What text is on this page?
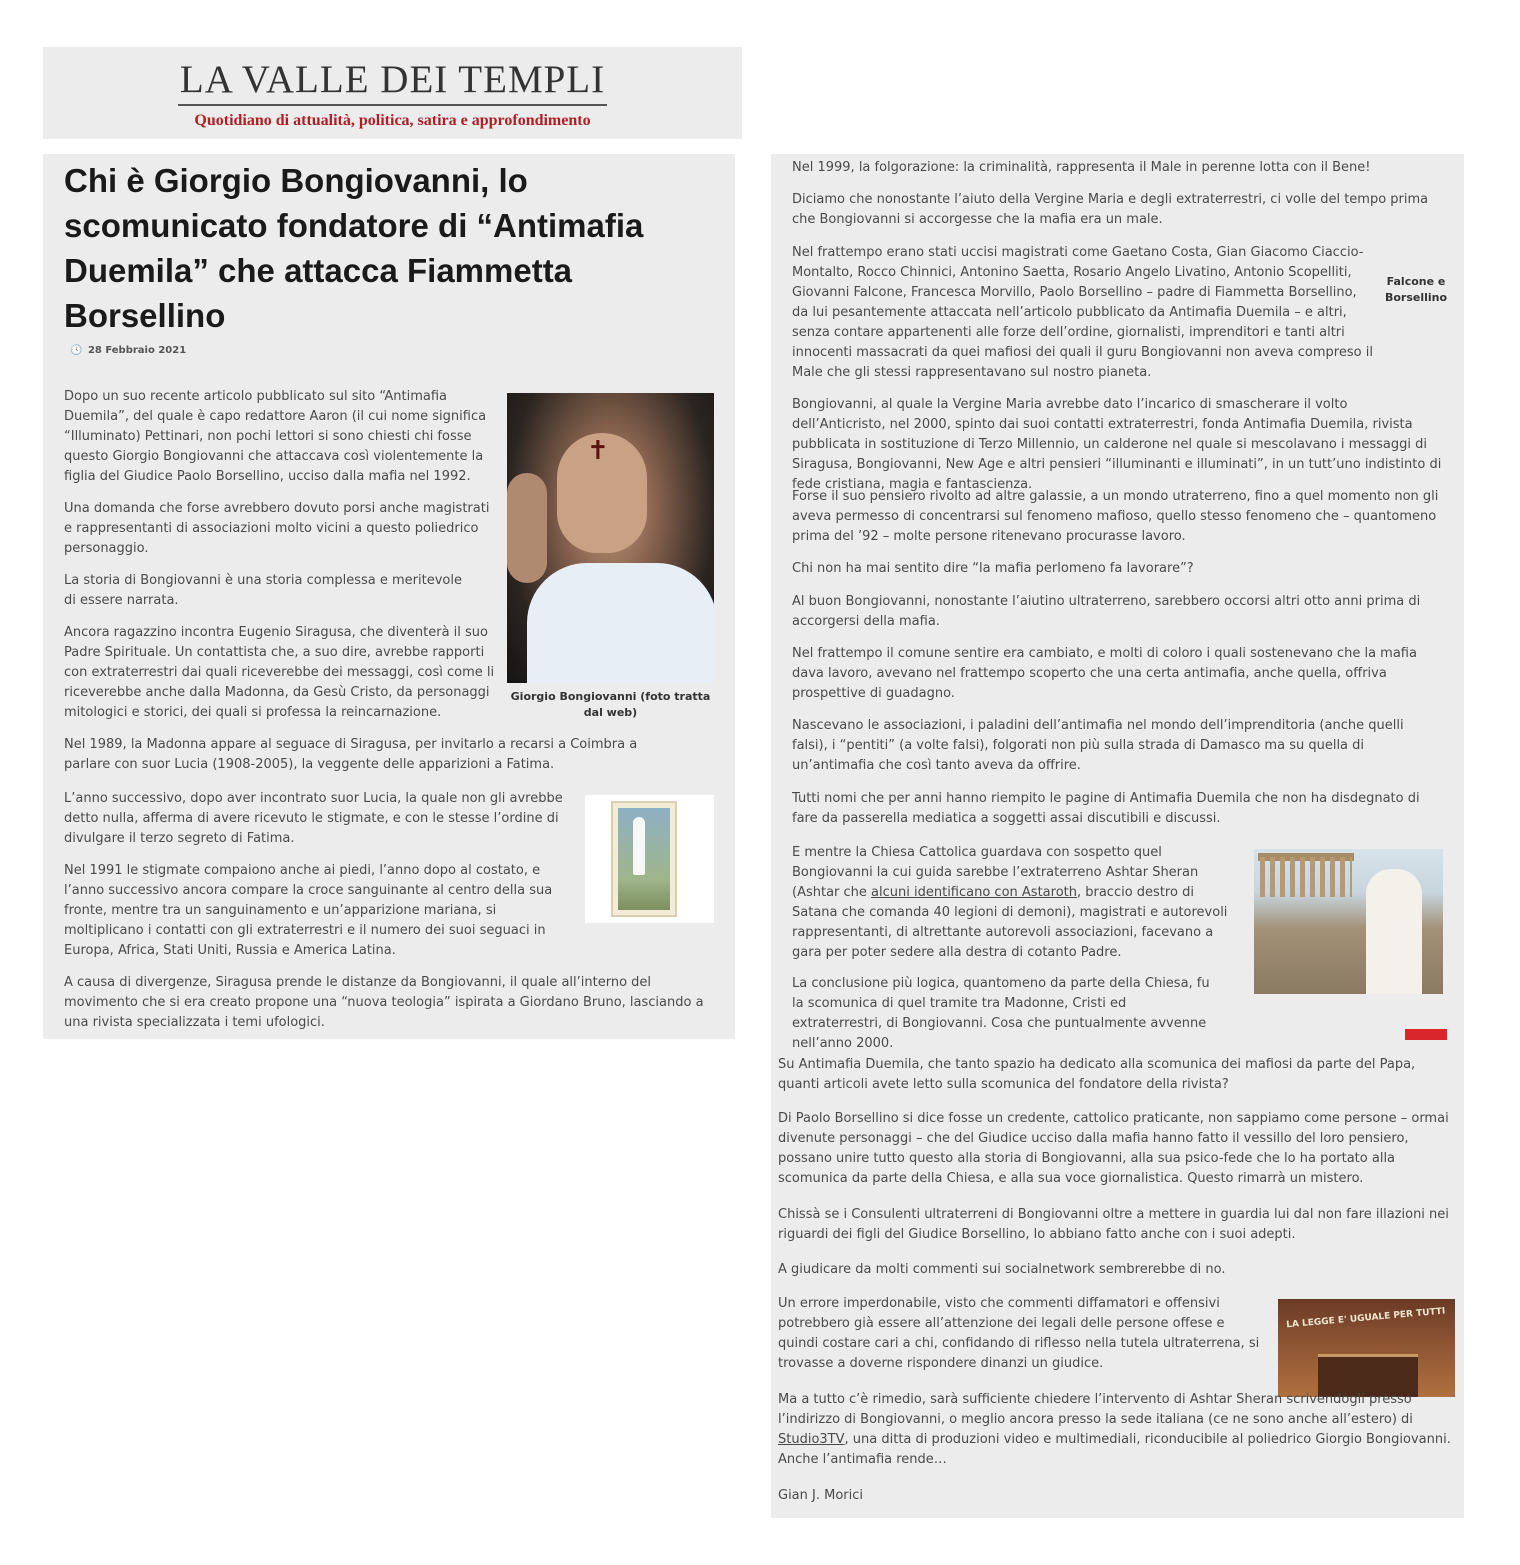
LA VALLE DEI TEMPLI
Quotidiano di attualità, politica, satira e approfondimento
Chi è Giorgio Bongiovanni, lo scomunicato fondatore di “Antimafia Duemila” che attacca Fiammetta Borsellino
🕓 28 Febbraio 2021

Dopo un suo recente articolo pubblicato sul sito “Antimafia Duemila”, del quale è capo redattore Aaron (il cui nome significa “Illuminato) Pettinari, non pochi lettori si sono chiesti chi fosse questo Giorgio Bongiovanni che attaccava così violentemente la figlia del Giudice Paolo Borsellino, ucciso dalla mafia nel 1992.

Una domanda che forse avrebbero dovuto porsi anche magistrati e rappresentanti di associazioni molto vicini a questo poliedrico personaggio.

La storia di Bongiovanni è una storia complessa e meritevole di essere narrata.

Ancora ragazzino incontra Eugenio Siragusa, che diventerà il suo Padre Spirituale. Un contattista che, a suo dire, avrebbe rapporti con extraterrestri dai quali riceverebbe dei messaggi, così come li riceverebbe anche dalla Madonna, da Gesù Cristo, da personaggi mitologici e storici, dei quali si professa la reincarnazione.

Nel 1989, la Madonna appare al seguace di Siragusa, per invitarlo a recarsi a Coimbra a parlare con suor Lucia (1908-2005), la veggente delle apparizioni a Fatima.

L’anno successivo, dopo aver incontrato suor Lucia, la quale non gli avrebbe detto nulla, afferma di avere ricevuto le stigmate, e con le stesse l’ordine di divulgare il terzo segreto di Fatima.

Nel 1991 le stigmate compaiono anche ai piedi, l’anno dopo al costato, e l’anno successivo ancora compare la croce sanguinante al centro della sua fronte, mentre tra un sanguinamento e un’apparizione mariana, si moltiplicano i contatti con gli extraterrestri e il numero dei suoi seguaci in Europa, Africa, Stati Uniti, Russia e America Latina.

A causa di divergenze, Siragusa prende le distanze da Bongiovanni, il quale all’interno del movimento che si era creato propone una “nuova teologia” ispirata a Giordano Bruno, lasciando a una rivista specializzata i temi ufologici.

✝
Giorgio Bongiovanni (foto tratta dal web)

Nel 1999, la folgorazione: la criminalità, rappresenta il Male in perenne lotta con il Bene!

Diciamo che nonostante l’aiuto della Vergine Maria e degli extraterrestri, ci volle del tempo prima che Bongiovanni si accorgesse che la mafia era un male.

Nel frattempo erano stati uccisi magistrati come Gaetano Costa, Gian Giacomo Ciaccio-Montalto, Rocco Chinnici, Antonino Saetta, Rosario Angelo Livatino, Antonio Scopelliti, Giovanni Falcone, Francesca Morvillo, Paolo Borsellino – padre di Fiammetta Borsellino, da lui pesantemente attaccata nell’articolo pubblicato da Antimafia Duemila – e altri, senza contare appartenenti alle forze dell’ordine, giornalisti, imprenditori e tanti altri innocenti massacrati da quei mafiosi dei quali il guru Bongiovanni non aveva compreso il Male che gli stessi rappresentavano sul nostro pianeta.

Falcone e Borsellino

Bongiovanni, al quale la Vergine Maria avrebbe dato l’incarico di smascherare il volto dell’Anticristo, nel 2000, spinto dai suoi contatti extraterrestri, fonda Antimafia Duemila, rivista pubblicata in sostituzione di Terzo Millennio, un calderone nel quale si mescolavano i messaggi di Siragusa, Bongiovanni, New Age e altri pensieri “illuminanti e illuminati”, in un tutt’uno indistinto di fede cristiana, magia e fantascienza.

Forse il suo pensiero rivolto ad altre galassie, a un mondo utraterreno, fino a quel momento non gli aveva permesso di concentrarsi sul fenomeno mafioso, quello stesso fenomeno che – quantomeno prima del ’92 – molte persone ritenevano procurasse lavoro.

Chi non ha mai sentito dire “la mafia perlomeno fa lavorare”?

Al buon Bongiovanni, nonostante l’aiutino ultraterreno, sarebbero occorsi altri otto anni prima di accorgersi della mafia.

Nel frattempo il comune sentire era cambiato, e molti di coloro i quali sostenevano che la mafia dava lavoro, avevano nel frattempo scoperto che una certa antimafia, anche quella, offriva prospettive di guadagno.

Nascevano le associazioni, i paladini dell’antimafia nel mondo dell’imprenditoria (anche quelli falsi), i “pentiti” (a volte falsi), folgorati non più sulla strada di Damasco ma su quella di un’antimafia che così tanto aveva da offrire.

Tutti nomi che per anni hanno riempito le pagine di Antimafia Duemila che non ha disdegnato di fare da passerella mediatica a soggetti assai discutibili e discussi.

E mentre la Chiesa Cattolica guardava con sospetto quel Bongiovanni la cui guida sarebbe l’extraterreno Ashtar Sheran (Ashtar che alcuni identificano con Astaroth, braccio destro di Satana che comanda 40 legioni di demoni), magistrati e autorevoli rappresentanti, di altrettante autorevoli associazioni, facevano a gara per poter sedere alla destra di cotanto Padre.

La conclusione più logica, quantomeno da parte della Chiesa, fu la scomunica di quel tramite tra Madonne, Cristi ed extraterrestri, di Bongiovanni. Cosa che puntualmente avvenne nell’anno 2000.

Su Antimafia Duemila, che tanto spazio ha dedicato alla scomunica dei mafiosi da parte del Papa, quanti articoli avete letto sulla scomunica del fondatore della rivista?

Di Paolo Borsellino si dice fosse un credente, cattolico praticante, non sappiamo come persone – ormai divenute personaggi – che del Giudice ucciso dalla mafia hanno fatto il vessillo del loro pensiero, possano unire tutto questo alla storia di Bongiovanni, alla sua psico-fede che lo ha portato alla scomunica da parte della Chiesa, e alla sua voce giornalistica. Questo rimarrà un mistero.

Chissà se i Consulenti ultraterreni di Bongiovanni oltre a mettere in guardia lui dal non fare illazioni nei riguardi dei figli del Giudice Borsellino, lo abbiano fatto anche con i suoi adepti.

A giudicare da molti commenti sui socialnetwork sembrerebbe di no.

Un errore imperdonabile, visto che commenti diffamatori e offensivi potrebbero già essere all’attenzione dei legali delle persone offese e quindi costare cari a chi, confidando di riflesso nella tutela ultraterrena, si trovasse a doverne rispondere dinanzi un giudice.

LA LEGGE E' UGUALE PER TUTTI

Ma a tutto c’è rimedio, sarà sufficiente chiedere l’intervento di Ashtar Sheran scrivendogli presso l’indirizzo di Bongiovanni, o meglio ancora presso la sede italiana (ce ne sono anche all’estero) di Studio3TV, una ditta di produzioni video e multimediali, riconducibile al poliedrico Giorgio Bongiovanni. Anche l’antimafia rende…

Gian J. Morici
